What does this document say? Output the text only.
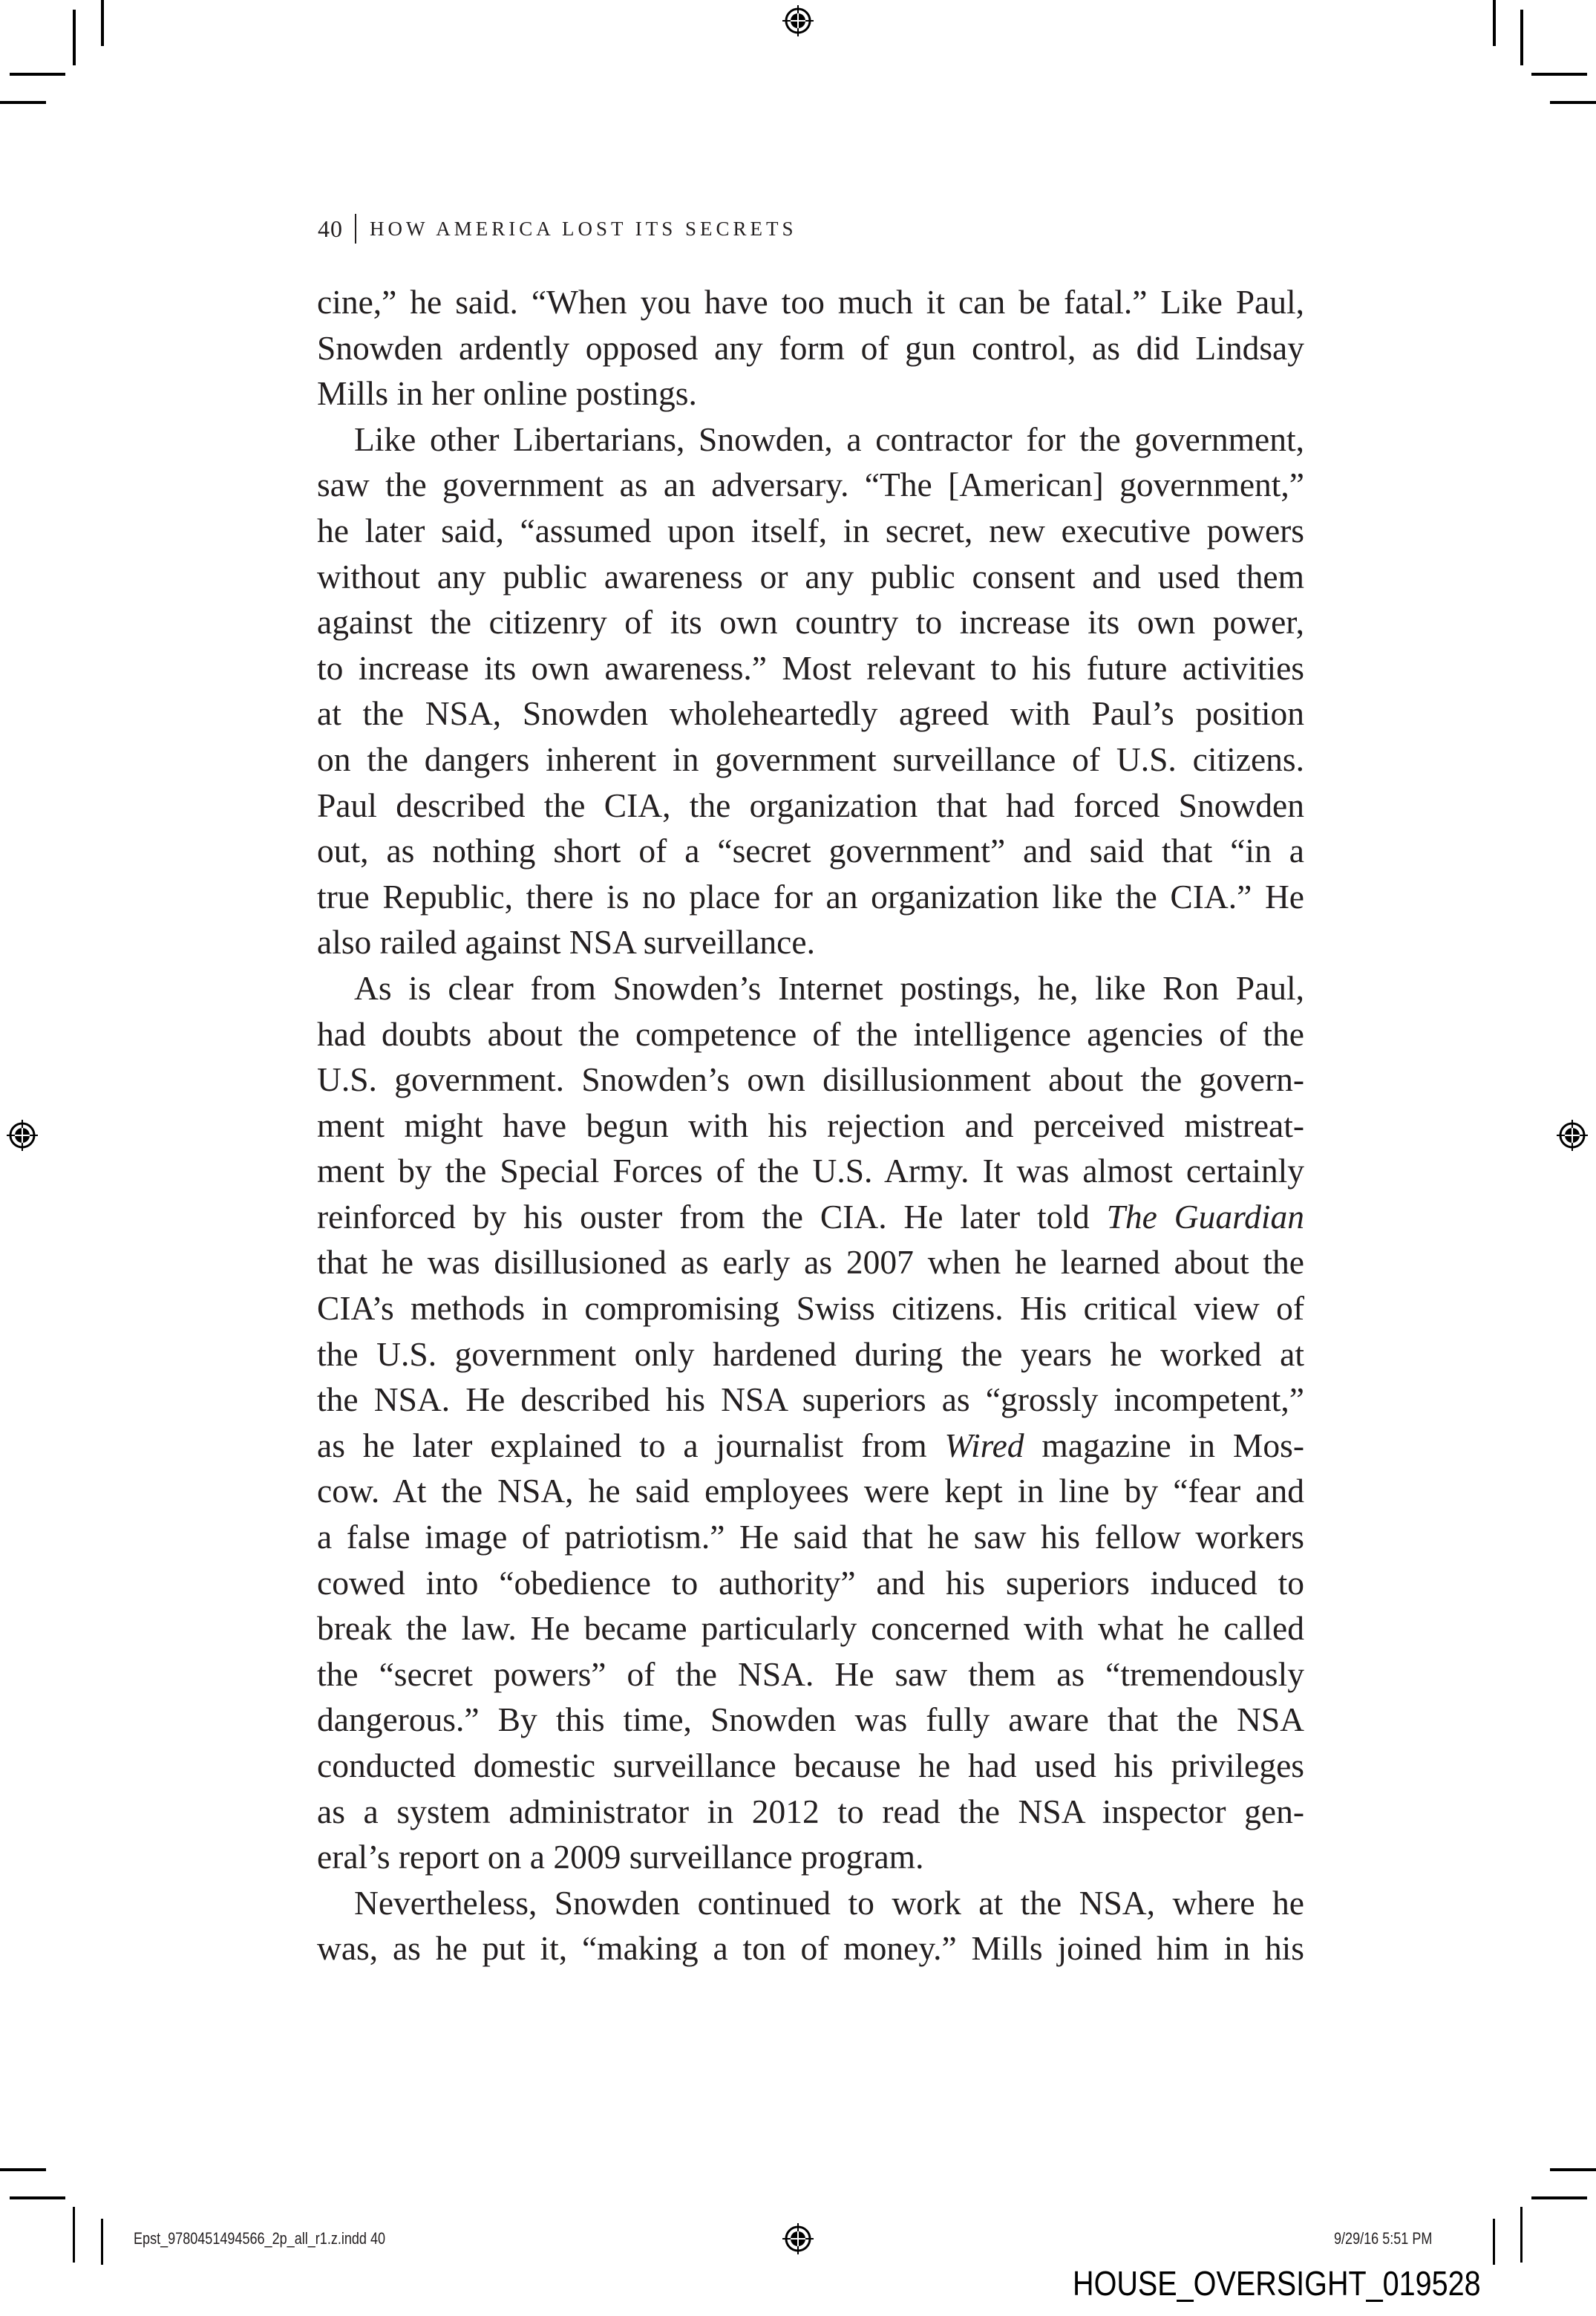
40 HOW AMERICA LOST ITS SECRETS
cine,” he said. “When you have too much it can be fatal.” Like Paul,
Snowden ardently opposed any form of gun control, as did Lindsay
Mills in her online postings.
Like other Libertarians, Snowden, a contractor for the government,
saw the government as an adversary. “The [American] government,”
he later said, “assumed upon itself, in secret, new executive powers
without any public awareness or any public consent and used them
against the citizenry of its own country to increase its own power,
to increase its own awareness.” Most relevant to his future activities
at the NSA, Snowden wholeheartedly agreed with Paul’s position
on the dangers inherent in government surveillance of U.S. citizens.
Paul described the CIA, the organization that had forced Snowden
out, as nothing short of a “secret government” and said that “in a
true Republic, there is no place for an organization like the CIA.” He
also railed against NSA surveillance.
As is clear from Snowden’s Internet postings, he, like Ron Paul,
had doubts about the competence of the intelligence agencies of the
U.S. government. Snowden’s own disillusionment about the govern-
ment might have begun with his rejection and perceived mistreat-
ment by the Special Forces of the U.S. Army. It was almost certainly
reinforced by his ouster from the CIA. He later told The Guardian
that he was disillusioned as early as 2007 when he learned about the
CIA’s methods in compromising Swiss citizens. His critical view of
the U.S. government only hardened during the years he worked at
the NSA. He described his NSA superiors as “grossly incompetent,”
as he later explained to a journalist from Wired magazine in Mos-
cow. At the NSA, he said employees were kept in line by “fear and
a false image of patriotism.” He said that he saw his fellow workers
cowed into “obedience to authority” and his superiors induced to
break the law. He became particularly concerned with what he called
the “secret powers” of the NSA. He saw them as “tremendously
dangerous.” By this time, Snowden was fully aware that the NSA
conducted domestic surveillance because he had used his privileges
as a system administrator in 2012 to read the NSA inspector gen-
eral’s report on a 2009 surveillance program.
Nevertheless, Snowden continued to work at the NSA, where he
was, as he put it, “making a ton of money.” Mills joined him in his
Epst_9780451494566_2p_all_r1.z.indd 40	9/29/16 5:51 PM
HOUSE_OVERSIGHT_019528
